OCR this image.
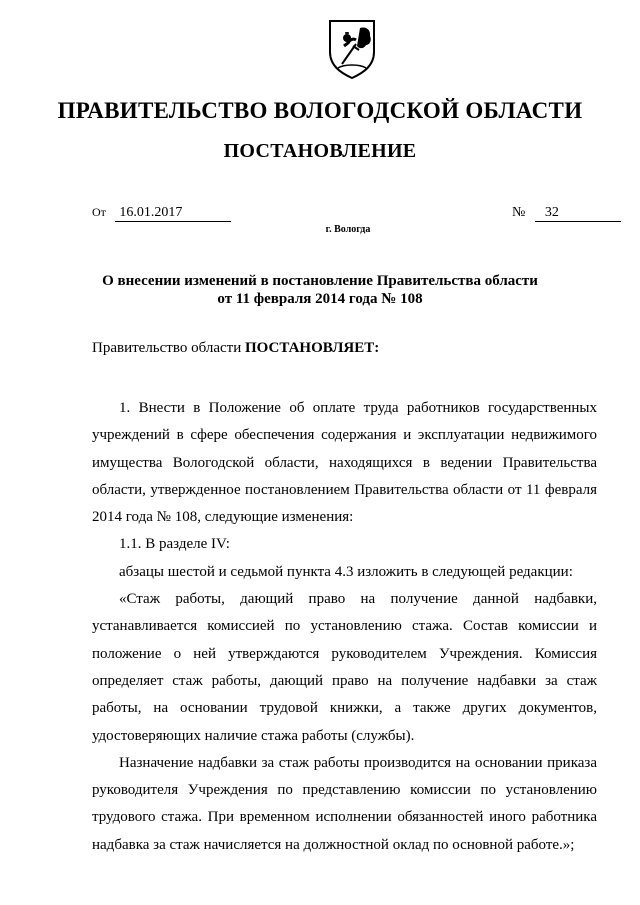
ПРАВИТЕЛЬСТВО ВОЛОГОДСКОЙ ОБЛАСТИ
ПОСТАНОВЛЕНИЕ
От 16.01.2017	№ 32
г. Вологда
О внесении изменений в постановление Правительства области
от 11 февраля 2014 года № 108
Правительство области ПОСТАНОВЛЯЕТ:

1. Внести в Положение об оплате труда работников государственных учреждений в сфере обеспечения содержания и эксплуатации недвижимого имущества Вологодской области, находящихся в ведении Правительства области, утвержденное постановлением Правительства области от 11 февраля 2014 года № 108, следующие изменения:

1.1. В разделе IV:

абзацы шестой и седьмой пункта 4.3 изложить в следующей редакции:

«Стаж работы, дающий право на получение данной надбавки, устанавливается комиссией по установлению стажа. Состав комиссии и положение о ней утверждаются руководителем Учреждения. Комиссия определяет стаж работы, дающий право на получение надбавки за стаж работы, на основании трудовой книжки, а также других документов, удостоверяющих наличие стажа работы (службы).

Назначение надбавки за стаж работы производится на основании приказа руководителя Учреждения по представлению комиссии по установлению трудового стажа. При временном исполнении обязанностей иного работника надбавка за стаж начисляется на должностной оклад по основной работе.»;
